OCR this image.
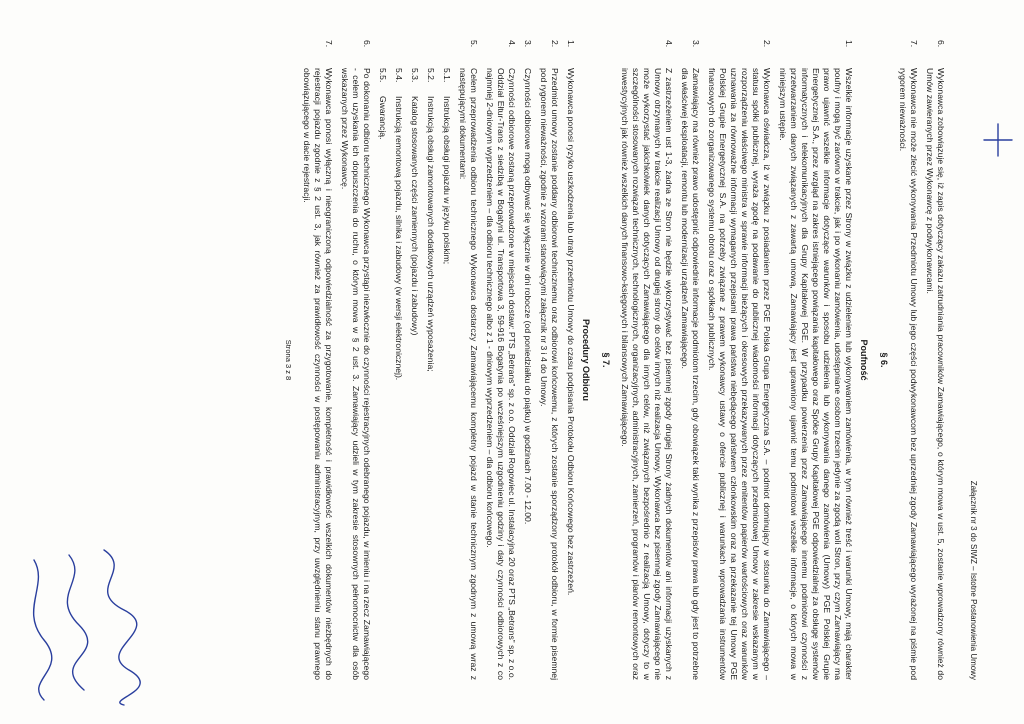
Załącznik nr 3 do SIWZ – Istotne Postanowienia Umowy
6.
Wykonawca zobowiązuje się, iż zapis dotyczący zakazu zatrudniania pracowników Zamawiającego, o którym mowa w ust. 5, zostanie wprowadzony również do Umów zawieranych przez Wykonawcę z podwykonawcami.
7.
Wykonawca nie może zlecić wykonywania Przedmiotu Umowy lub jego części podwykonawcom bez uprzedniej zgody Zamawiającego wyrażonej na piśmie pod rygorem nieważności.
§ 6.
Poufność
1.
Wszelkie informacje uzyskane przez Strony w związku z udzieleniem lub wykonywaniem zamówienia, w tym również treść i warunki Umowy, mają charakter poufny i mogą być zarówno w trakcie, jak i po wykonaniu zamówienia, udostępniane osobom trzecim jedynie za zgodą woli Stron, przy czym Zamawiający ma prawo ujawnić wszelkie informacje dotyczące warunków i sposobu udzielenia lub wykonywania danego zamówienia (Umowy) PGE Polskiej Grupie Energetycznej S.A., przez wzgląd na zakres istniejącego powiązania kapitałowego oraz Spółce Grupy Kapitałowej PGE odpowiedzialnej za obsługę systemów informatycznych i telekomunikacyjnych dla Grupy Kapitałowej PGE. W przypadku powierzenia przez Zamawiającego innemu podmiotowi czynności z przetwarzaniem danych związanych z zawartą umową, Zamawiający jest uprawniony ujawnić temu podmiotowi wszelkie informacje, o których mowa w niniejszym ustępie.
2.
Wykonawca oświadcza, iż w związku z posiadaniem przez PGE Polska Grupa Energetyczna S.A. – podmiot dominujący w stosunku do Zamawiającego – statusu spółki publicznej, wyraża zgodę na podawanie do publicznej wiadomości informacji dotyczących przedmiotowej Umowy w zakresie wskazanym w rozporządzeniu właściwego ministra w sprawie informacji bieżących i okresowych przekazywanych przez emitentów papierów wartościowych oraz warunków uznawania za równoważne informacji wymaganych przepisami prawa państwa niebędącego państwem członkowskim oraz na przekazanie tej Umowy PGE Polskiej Grupie Energetycznej S.A. na potrzeby związane z prawem wykonawcy ustawy o ofercie publicznej i warunkach wprowadzania instrumentów finansowych do zorganizowanego systemu obrotu oraz o spółkach publicznych.
3.
Zamawiający ma również prawo udostępnić odpowiednie informacje podmiotom trzecim, gdy obowiązek taki wynika z przepisów prawa lub gdy jest to potrzebne dla właściwej eksploatacji, remontu lub modernizacji urządzeń Zamawiającego.
4.
Z zastrzeżeniem ust 1-3, żadna ze Stron nie będzie wykorzystywać bez pisemnej zgody drugiej Strony żadnych dokumentów ani informacji uzyskanych z Umowy otrzymanych w trakcie realizacji Umowy od drugiej strony do celów innych niż realizacja Umowy. Wykonawca bez pisemnej zgody Zamawiającego nie może wykorzystać jakichkolwiek danych dotyczących Zamawiającego dla innych celów, niż związanych bezpośrednio z realizacją Umowy, dotyczy to w szczególności stosowanych rozwiązań technicznych, technologicznych, organizacyjnych, administracyjnych, zamierzeń, programów i planów remontowych oraz inwestycyjnych jak również wszelkich danych finansowo-księgowych i bilansowych Zamawiającego.
§ 7.
Procedury Odbioru
1.
Wykonawca ponosi ryzyko uszkodzenia lub utraty przedmiotu Umowy do czasu podpisania Protokołu Odbioru Końcowego bez zastrzeżeń.
2.
Przedmiot umowy zostanie poddany odbiorowi technicznemu oraz odbiorowi końcowemu, z których zostanie sporządzony protokół odbioru, w formie pisemnej pod rygorem nieważności, zgodnie z wzorami stanowiącymi załącznik nr 3 i 4 do Umowy.
3.
Czynności odbiorowe mogą odbywać się wyłącznie w dni robocze (od poniedziałku do piątku) w godzinach 7.00 - 12.00.
4.
Czynności odbiorowe zostaną przeprowadzone w miejscach dostaw: PTS „Betrans” sp. z o.o. Oddział Rogowiec ul. Instalacyjna 20 oraz PTS „Betrans” sp. z o.o. Oddział Ełtur-Trans z siedzibą w Bogatyni ul. Transportowa 3, 59-916 Bogatynia po wcześniejszym uzgodnieniu godziny i daty czynności odbiorowych z co najmniej 2-dniowym wyprzedzeniem – dla odbioru technicznego albo z 1 - dniowym wyprzedzeniem – dla odbioru końcowego.
5.
Celem przeprowadzenia odbioru technicznego Wykonawca dostarczy Zamawiającemu kompletny pojazd w stanie technicznym zgodnym z umową wraz z następującymi dokumentami:
5.1.
Instrukcją obsługi pojazdu w języku polskim;
5.2.
Instrukcją obsługi zamontowanych dodatkowych urządzeń wyposażenia;
5.3.
Katalog stosowanych części zamiennych (pojazdu i zabudowy)
5.4.
Instrukcją remontową pojazdu, silnika i zabudowy (w wersji elektronicznej).
5.5.
Gwarancją.
6.
Po dokonaniu odbioru technicznego Wykonawca przystąpi niezwłocznie do czynności rejestracyjnych odebranego pojazdu, w imieniu i na rzecz Zamawiającego - celem uzyskania ich dopuszczenia do ruchu, o którym mowa w § 2 ust. 3. Zamawiający udzieli w tym zakresie stosownych pełnomocnictw dla osób wskazanych przez Wykonawcę.
7.
Wykonawca ponosi wyłączną i nieograniczoną odpowiedzialność za przygotowanie, kompletność i prawidłowość wszelkich dokumentów niezbędnych do rejestracji pojazdu zgodnie z § 2 ust. 3, jak również za prawidłowość czynności w postępowaniu administracyjnym, przy uwzględnieniu stanu prawnego obowiązującego w dacie rejestracji.
Strona 3 z 8
